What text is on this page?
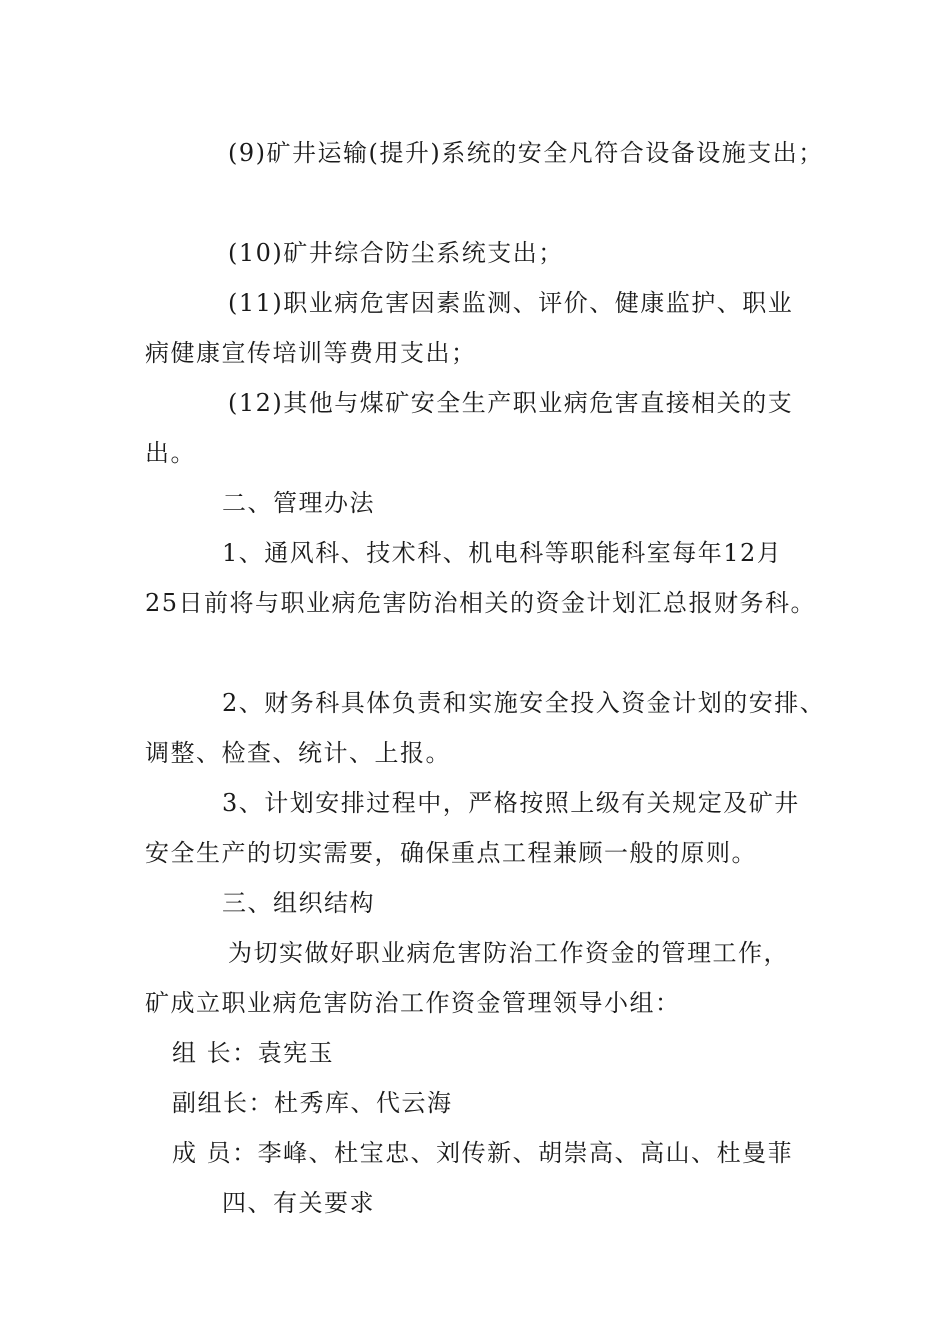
(9)矿井运输(提升)系统的安全凡符合设备设施支出；
(10)矿井综合防尘系统支出；
(11)职业病危害因素监测、评价、健康监护、职业
病健康宣传培训等费用支出；
(12)其他与煤矿安全生产职业病危害直接相关的支
出。
二、管理办法
1、通风科、技术科、机电科等职能科室每年12月
25日前将与职业病危害防治相关的资金计划汇总报财务科。
2、财务科具体负责和实施安全投入资金计划的安排、
调整、检查、统计、上报。
3、计划安排过程中，严格按照上级有关规定及矿井
安全生产的切实需要，确保重点工程兼顾一般的原则。
三、组织结构
为切实做好职业病危害防治工作资金的管理工作，
矿成立职业病危害防治工作资金管理领导小组：
组 长：袁宪玉
副组长：杜秀库、代云海
成 员：李峰、杜宝忠、刘传新、胡崇高、高山、杜曼菲
四、有关要求
